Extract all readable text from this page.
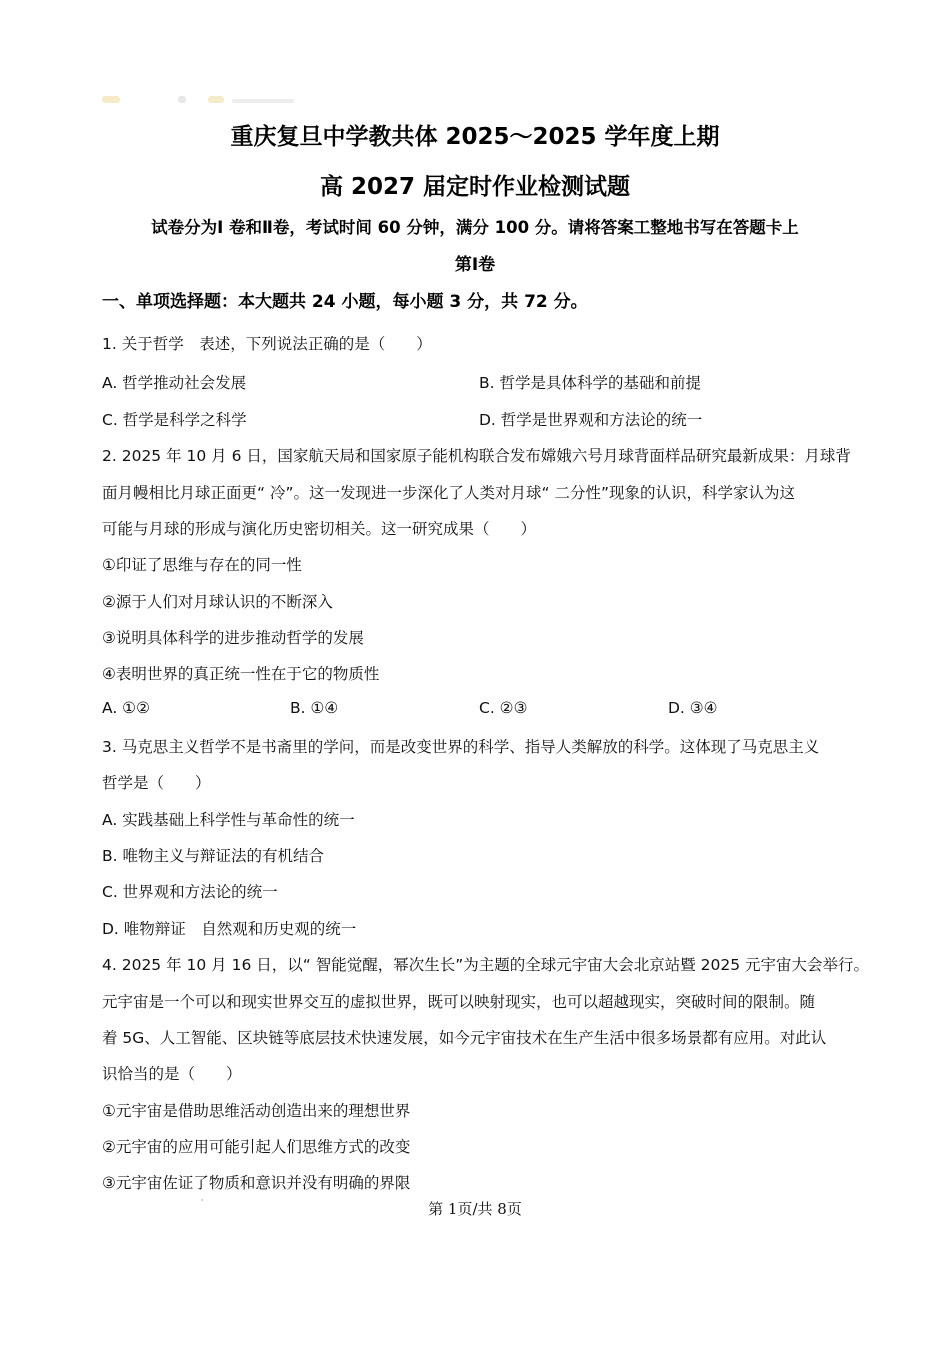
重庆复旦中学教共体 2025～2025 学年度上期
高 2027 届定时作业检测试题
试卷分为Ⅰ 卷和Ⅱ卷，考试时间 60 分钟，满分 100 分。请将答案工整地书写在答题卡上
第Ⅰ卷
一、单项选择题：本大题共 24 小题，每小题 3 分，共 72 分。
1. 关于哲学　表述，下列说法正确的是（　　）
A. 哲学推动社会发展	B. 哲学是具体科学的基础和前提
C. 哲学是科学之科学	D. 哲学是世界观和方法论的统一
2. 2025 年 10 月 6 日，国家航天局和国家原子能机构联合发布嫦娥六号月球背面样品研究最新成果：月球背
面月幔相比月球正面更“ 冷”。这一发现进一步深化了人类对月球“ 二分性”现象的认识，科学家认为这
可能与月球的形成与演化历史密切相关。这一研究成果（　　）
①印证了思维与存在的同一性
②源于人们对月球认识的不断深入
③说明具体科学的进步推动哲学的发展
④表明世界的真正统一性在于它的物质性
A. ①②	B. ①④	C. ②③	D. ③④
3. 马克思主义哲学不是书斋里的学问，而是改变世界的科学、指导人类解放的科学。这体现了马克思主义
哲学是（　　）
A. 实践基础上科学性与革命性的统一
B. 唯物主义与辩证法的有机结合
C. 世界观和方法论的统一
D. 唯物辩证　自然观和历史观的统一
4. 2025 年 10 月 16 日，以“ 智能觉醒，幂次生长”为主题的全球元宇宙大会北京站暨 2025 元宇宙大会举行。
元宇宙是一个可以和现实世界交互的虚拟世界，既可以映射现实，也可以超越现实，突破时间的限制。随
着 5G、人工智能、区块链等底层技术快速发展，如今元宇宙技术在生产生活中很多场景都有应用。对此认
识恰当的是（　　）
①元宇宙是借助思维活动创造出来的理想世界
②元宇宙的应用可能引起人们思维方式的改变
③元宇宙佐证了物质和意识并没有明确的界限
'	第 1页/共 8页
